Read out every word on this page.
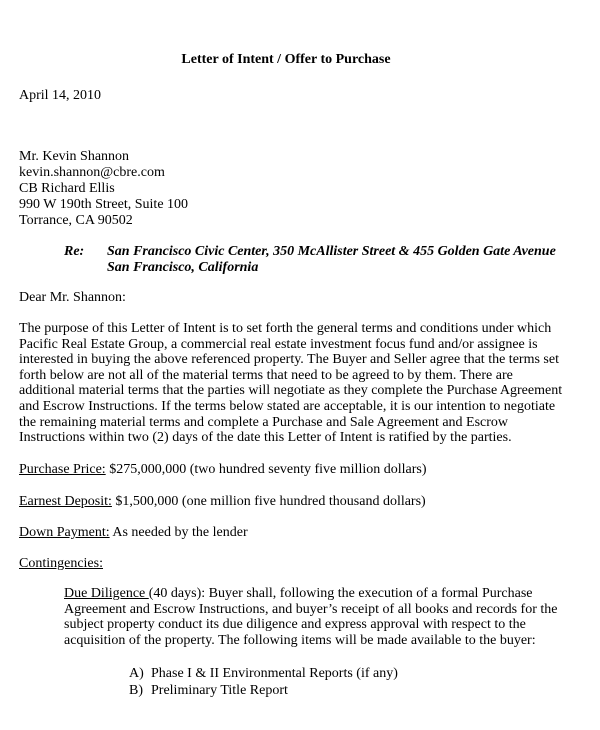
Letter of Intent / Offer to Purchase
April 14, 2010
Mr. Kevin Shannon
kevin.shannon@cbre.com
CB Richard Ellis
990 W 190th Street, Suite 100
Torrance, CA 90502
Re: San Francisco Civic Center, 350 McAllister Street & 455 Golden Gate Avenue
San Francisco, California
Dear Mr. Shannon:
The purpose of this Letter of Intent is to set forth the general terms and conditions under which
Pacific Real Estate Group, a commercial real estate investment focus fund and/or assignee is
interested in buying the above referenced property. The Buyer and Seller agree that the terms set
forth below are not all of the material terms that need to be agreed to by them. There are
additional material terms that the parties will negotiate as they complete the Purchase Agreement
and Escrow Instructions. If the terms below stated are acceptable, it is our intention to negotiate
the remaining material terms and complete a Purchase and Sale Agreement and Escrow
Instructions within two (2) days of the date this Letter of Intent is ratified by the parties.
Purchase Price: $275,000,000 (two hundred seventy five million dollars)
Earnest Deposit: $1,500,000 (one million five hundred thousand dollars)
Down Payment: As needed by the lender
Contingencies:
Due Diligence (40 days): Buyer shall, following the execution of a formal Purchase
Agreement and Escrow Instructions, and buyer’s receipt of all books and records for the
subject property conduct its due diligence and express approval with respect to the
acquisition of the property. The following items will be made available to the buyer:
A) Phase I & II Environmental Reports (if any)
B) Preliminary Title Report
